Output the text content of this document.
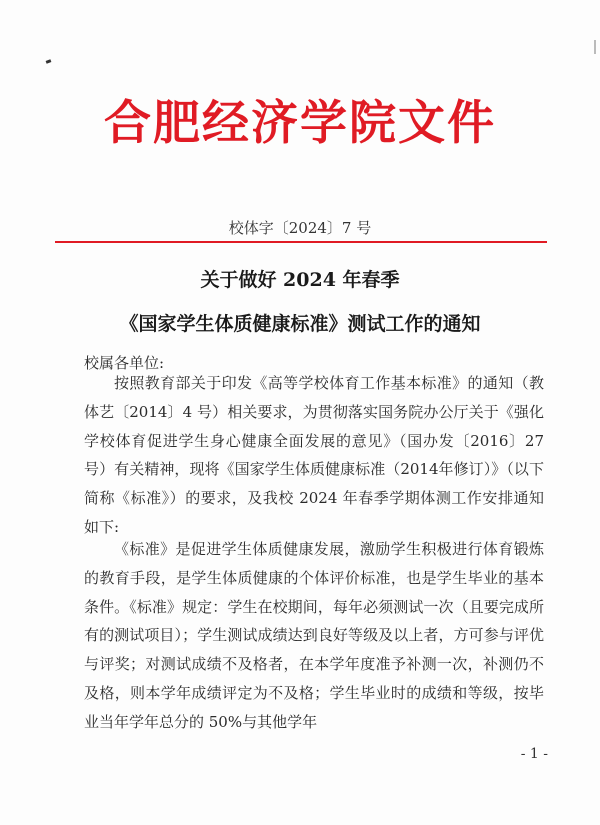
合肥经济学院文件
校体字〔2024〕7 号
关于做好 2024 年春季
《国家学生体质健康标准》测试工作的通知
校属各单位:

按照教育部关于印发《高等学校体育工作基本标准》的通知（教体艺〔2014〕4 号）相关要求，为贯彻落实国务院办公厅关于《强化学校体育促进学生身心健康全面发展的意见》（国办发〔2016〕27 号）有关精神，现将《国家学生体质健康标准（2014年修订）》（以下简称《标准》）的要求，及我校 2024 年春季学期体测工作安排通知如下:

《标准》是促进学生体质健康发展，激励学生积极进行体育锻炼的教育手段，是学生体质健康的个体评价标准，也是学生毕业的基本条件。《标准》规定：学生在校期间，每年必须测试一次（且要完成所有的测试项目）；学生测试成绩达到良好等级及以上者，方可参与评优与评奖；对测试成绩不及格者，在本学年度准予补测一次，补测仍不及格，则本学年成绩评定为不及格；学生毕业时的成绩和等级，按毕业当年学年总分的 50%与其他学年

- 1 -
